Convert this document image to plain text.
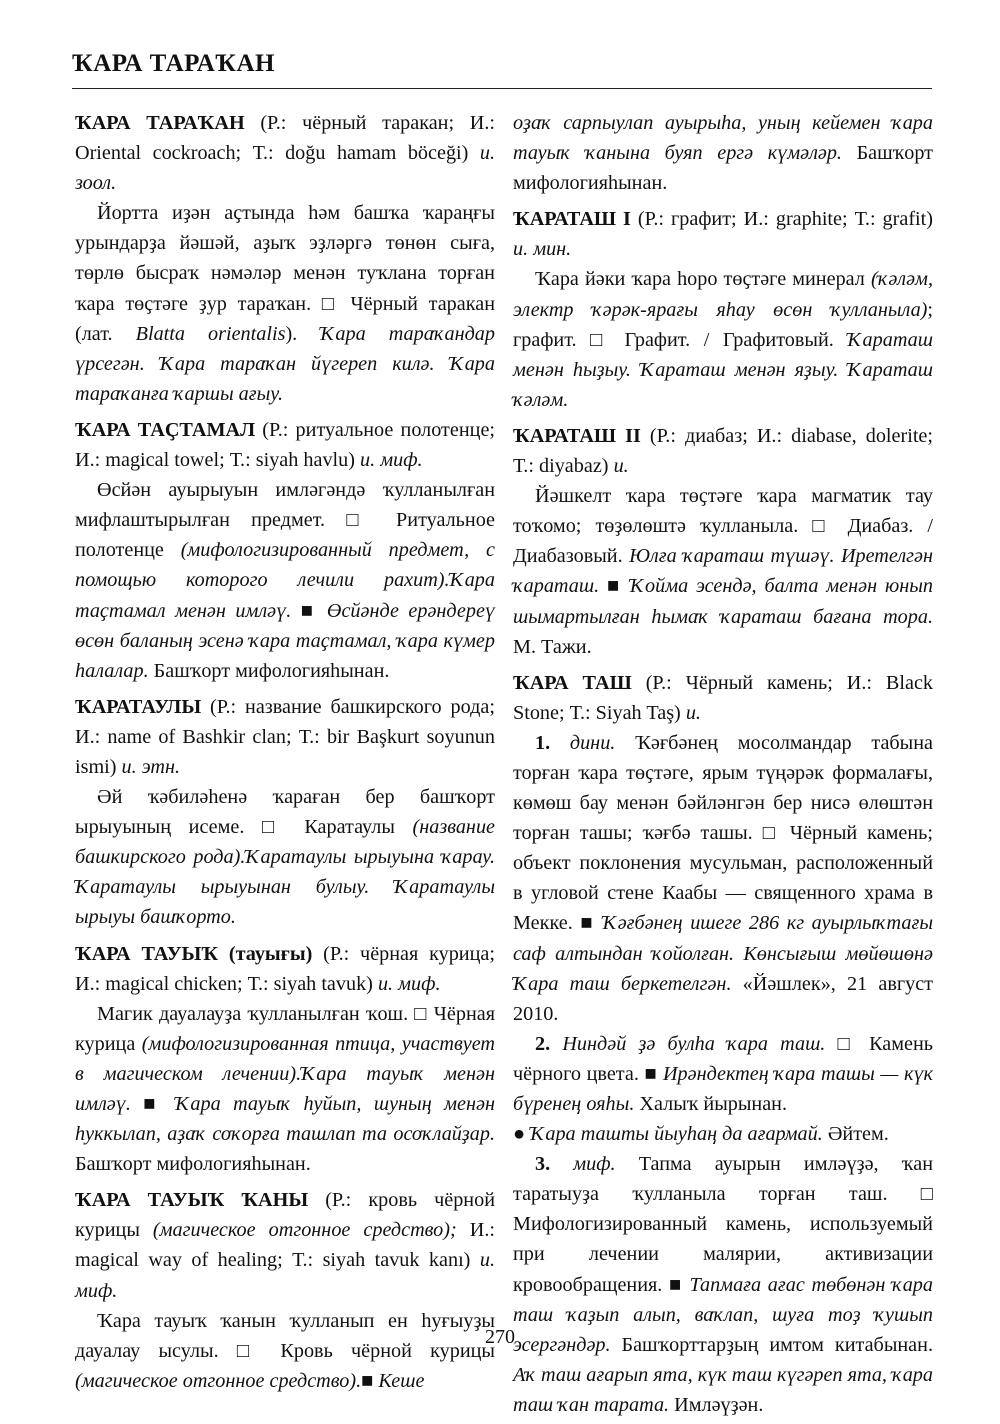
ҠАРА ТАРАҠАН

ҠАРА ТАРАҠАН (Р.: чёрный таракан; И.: Oriental cockroach; Т.: doğu hamam böceği) и. зоол.

Йортта иҙән аҫтында һәм башҡа ҡараңғы урындарҙа йәшәй, аҙыҡ эҙләргә төнөн сыға, төрлө бысраҡ нәмәләр менән туҡлана торған ҡара төҫтәге ҙур тараҡан. □ Чёрный таракан (лат. Blatta orientalis). Ҡара тараҡандар үрсегән. Ҡара тараҡан йүгереп килә. Ҡара тараҡанға ҡаршы ағыу.

ҠАРА ТАҪТАМАЛ (Р.: ритуальное полотенце; И.: magical towel; Т.: siyah havlu) и. миф.

Өсйән ауырыуын имләгәндә ҡулланылған мифлаштырылған предмет. □ Ритуальное полотенце (мифологизированный предмет, с помощью которого лечили рахит).Ҡара таҫтамал менән имләү. ■ Өсйәнде ерәндереү өсөн баланың эсенә ҡара таҫтамал, ҡара күмер һалалар. Башҡорт мифологияһынан.

ҠАРАТАУЛЫ (Р.: название башкирского рода; И.: name of Bashkir clan; Т.: bir Başkurt soyunun ismi) и. этн.

Әй ҡәбиләһенә ҡараған бер башҡорт ырыуының исеме. □ Каратаулы (название башкирского рода).Ҡаратаулы ырыуына ҡарау. Ҡаратаулы ырыуынан булыу. Ҡаратаулы ырыуы башҡорто.

ҠАРА ТАУЫҠ (тауығы) (Р.: чёрная курица; И.: magical chicken; Т.: siyah tavuk) и. миф.

Магик дауалауҙа ҡулланылған ҡош. □ Чёрная курица (мифологизированная птица, участвует в магическом лечении).Ҡара тауыҡ менән имләү. ■ Ҡара тауыҡ һуйып, шуның менән һуккылап, аҙаҡ соҡорға ташлап та осоҡлайҙар. Башҡорт мифологияһынан.

ҠАРА ТАУЫҠ ҠАНЫ (Р.: кровь чёрной курицы (магическое отгонное средство); И.: magical way of healing; Т.: siyah tavuk kanı) и. миф.

Ҡара тауыҡ ҡанын ҡулланып ен һуғыуҙы дауалау ысулы. □ Кровь чёрной курицы (магическое отгонное средство).■ Кеше

оҙаҡ сарпыулап ауырыһа, уның кейемен ҡара тауыҡ ҡанына буяп ергә күмәләр. Башҡорт мифологияһынан.

ҠАРАТАШ I (Р.: графит; И.: graphite; Т.: grafit) и. мин.

Ҡара йәки ҡара һоро төҫтәге минерал (ҡәләм, электр ҡәрәк-ярағы яһау өсөн ҡулланыла); графит. □ Графит. / Графитовый. Ҡараташ менән һыҙыу. Ҡараташ менән яҙыу. Ҡараташ ҡәләм.

ҠАРАТАШ II (Р.: диабаз; И.: diabase, dolerite; Т.: diyabaz) и.

Йәшкелт ҡара төҫтәге ҡара магматик тау тоҡомо; төҙөлөштә ҡулланыла. □ Диабаз. / Диабазовый. Юлға ҡараташ түшәү. Иретелгән ҡараташ. ■ Ҡойма эсендә, балта менән юнып шымартылған һымаҡ ҡараташ бағана тора. М. Тажи.

ҠАРА ТАШ (Р.: Чёрный камень; И.: Black Stone; Т.: Siyah Taş) и.

1. дини. Ҡәғбәнең мосолмандар табына торған ҡара төҫтәге, ярым түңәрәк формалағы, көмөш бау менән бәйләнгән бер нисә өлөштән торған ташы; ҡәғбә ташы. □ Чёрный камень; объект поклонения мусульман, расположенный в угловой стене Каабы — священного храма в Мекке. ■ Ҡәғбәнең ишеге 286 кг ауырлыҡтағы саф алтындан ҡойолған. Көнсығыш мөйөшөнә Ҡара таш беркетелгән. «Йәшлек», 21 август 2010.

2. Ниндәй ҙә булһа ҡара таш. □ Камень чёрного цвета. ■ Ирәндектең ҡара ташы — күк бүренең ояһы. Халыҡ йырынан.

● Ҡара ташты йыуһаң да ағармай. Әйтем.

3. миф. Тапма ауырын имләүҙә, ҡан таратыуҙа ҡулланыла торған таш. □ Мифологизированный камень, используемый при лечении малярии, активизации кровообращения. ■ Тапмаға ағас төбөнән ҡара таш ҡаҙып алып, ваҡлап, шуға тоҙ ҡушып эсергәндәр. Башҡорттарҙың имтом китабынан. Аҡ таш ағарып ята, күк таш күгәреп ята, ҡара таш ҡан тарата. Имләүҙән.

270
